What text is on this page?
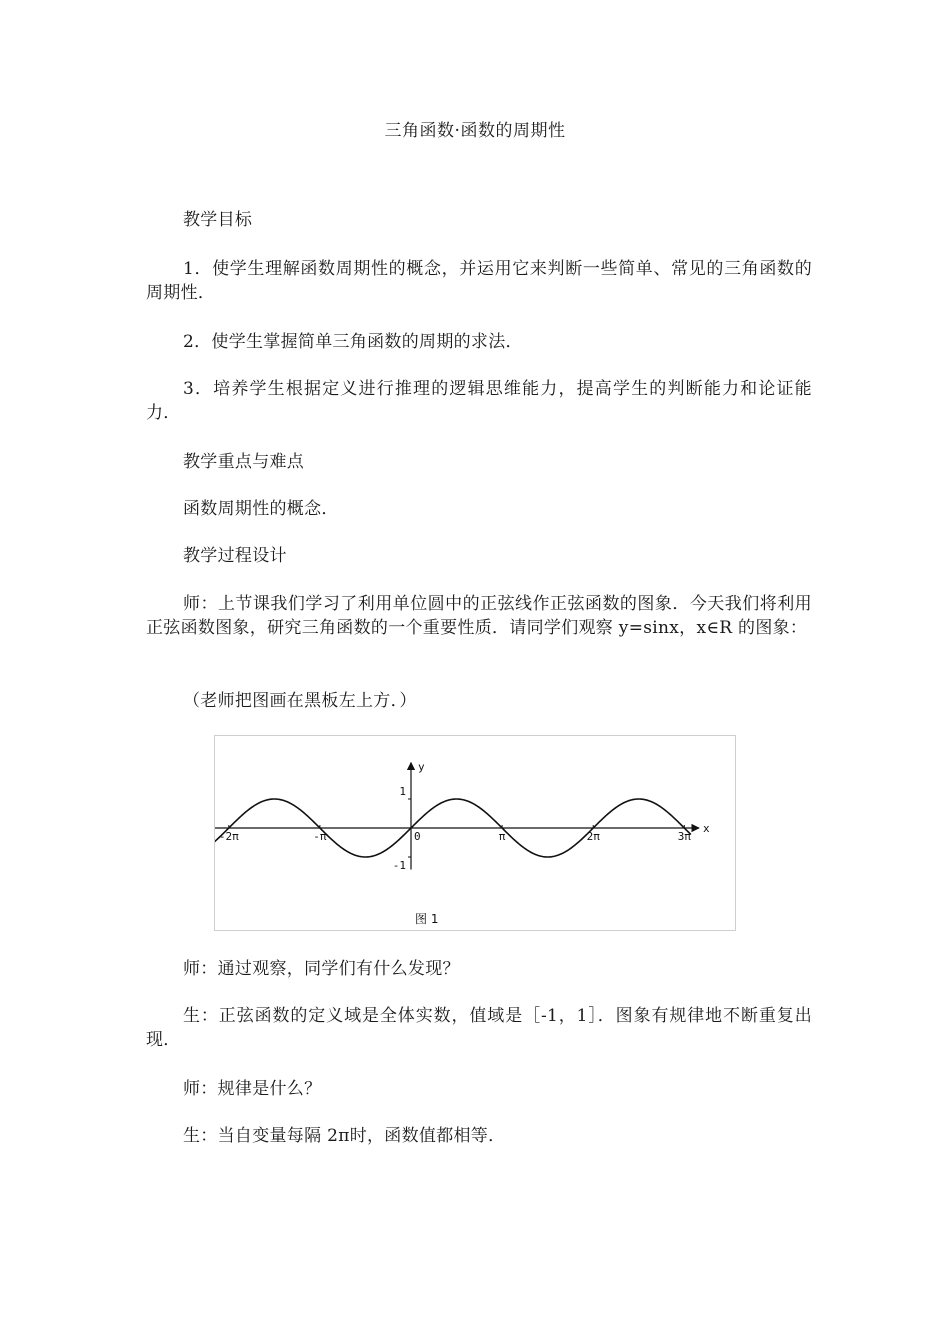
三角函数·函数的周期性

教学目标

1．使学生理解函数周期性的概念，并运用它来判断一些简单、常见的三角函数的周期性．

2．使学生掌握简单三角函数的周期的求法．

3．培养学生根据定义进行推理的逻辑思维能力，提高学生的判断能力和论证能力．

教学重点与难点

函数周期性的概念．

教学过程设计

师：上节课我们学习了利用单位圆中的正弦线作正弦函数的图象．今天我们将利用正弦函数图象，研究三角函数的一个重要性质．请同学们观察 y=sinx，x∈R 的图象：

（老师把图画在黑板左上方．）

-2π	-π	0	π	2π	3π
1
-1
x
y
图 1

师：通过观察，同学们有什么发现？

生：正弦函数的定义域是全体实数，值域是［-1，1］．图象有规律地不断重复出现．

师：规律是什么？

生：当自变量每隔 2π时，函数值都相等．
